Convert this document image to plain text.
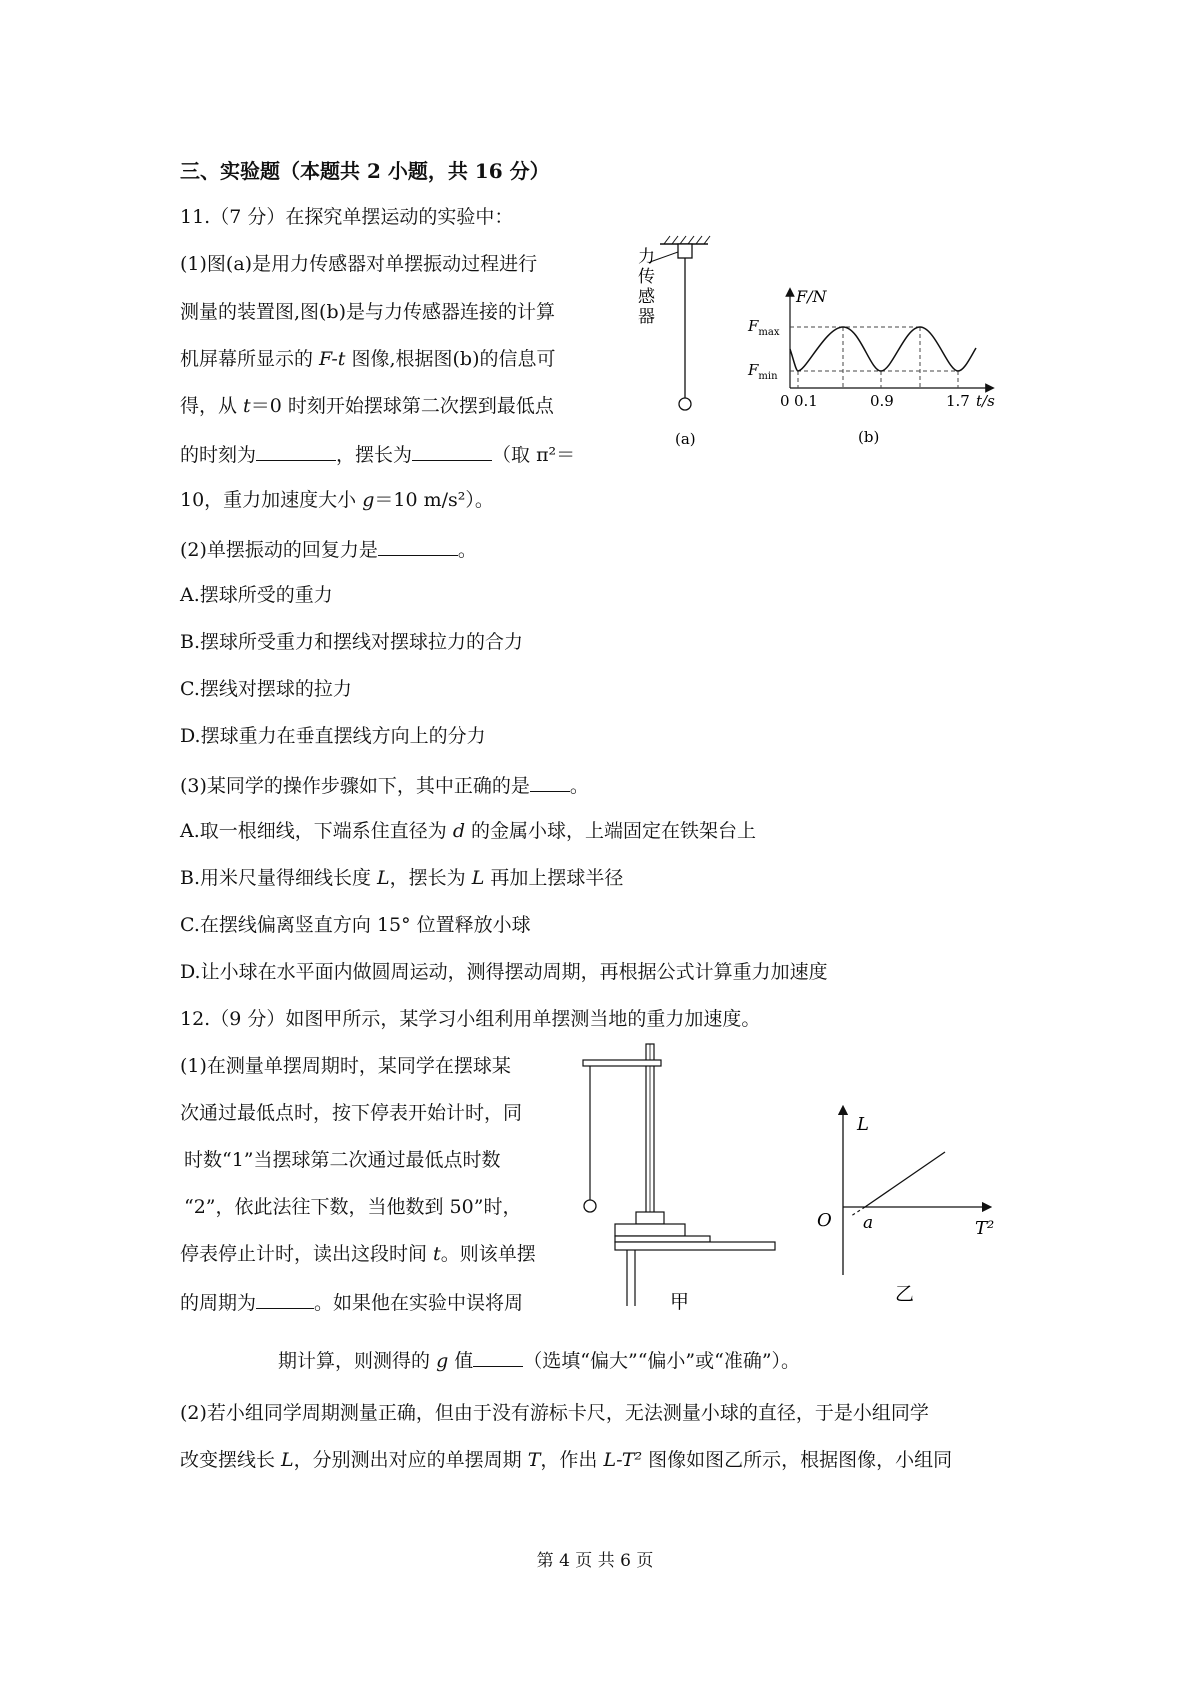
三、实验题（本题共 2 小题，共 16 分）
11.（7 分）在探究单摆运动的实验中：
(1)图(a)是用力传感器对单摆振动过程进行
测量的装置图,图(b)是与力传感器连接的计算
机屏幕所显示的 F-t 图像,根据图(b)的信息可
得，从 t＝0 时刻开始摆球第二次摆到最低点
的时刻为	，摆长为	（取 π²＝
10，重力加速度大小 g＝10 m/s²）。
(2)单摆振动的回复力是	。
A.摆球所受的重力
B.摆球所受重力和摆线对摆球拉力的合力
C.摆线对摆球的拉力
D.摆球重力在垂直摆线方向上的分力
(3)某同学的操作步骤如下，其中正确的是 。
A.取一根细线，下端系住直径为 d 的金属小球，上端固定在铁架台上
B.用米尺量得细线长度 L，摆长为 L 再加上摆球半径
C.在摆线偏离竖直方向 15° 位置释放小球
D.让小球在水平面内做圆周运动，测得摆动周期，再根据公式计算重力加速度
力
传
感
器
(a)
F/N
$F_{max}$
$F_{min}$
0 0.1	0.9	1.7 t/s
(b)
12.（9 分）如图甲所示，某学习小组利用单摆测当地的重力加速度。
(1)在测量单摆周期时，某同学在摆球某
次通过最低点时，按下停表开始计时，同
时数“1”当摆球第二次通过最低点时数
“2”，依此法往下数，当他数到 50”时，
停表停止计时，读出这段时间 t。则该单摆
的周期为	。如果他在实验中误将周
期计算，则测得的 g 值	（选填“偏大”“偏小”或“准确”）。
(2)若小组同学周期测量正确，但由于没有游标卡尺，无法测量小球的直径，于是小组同学
改变摆线长 L，分别测出对应的单摆周期 T，作出 L-T² 图像如图乙所示，根据图像，小组同
甲
L
O a	T²
乙
第 4 页 共 6 页
